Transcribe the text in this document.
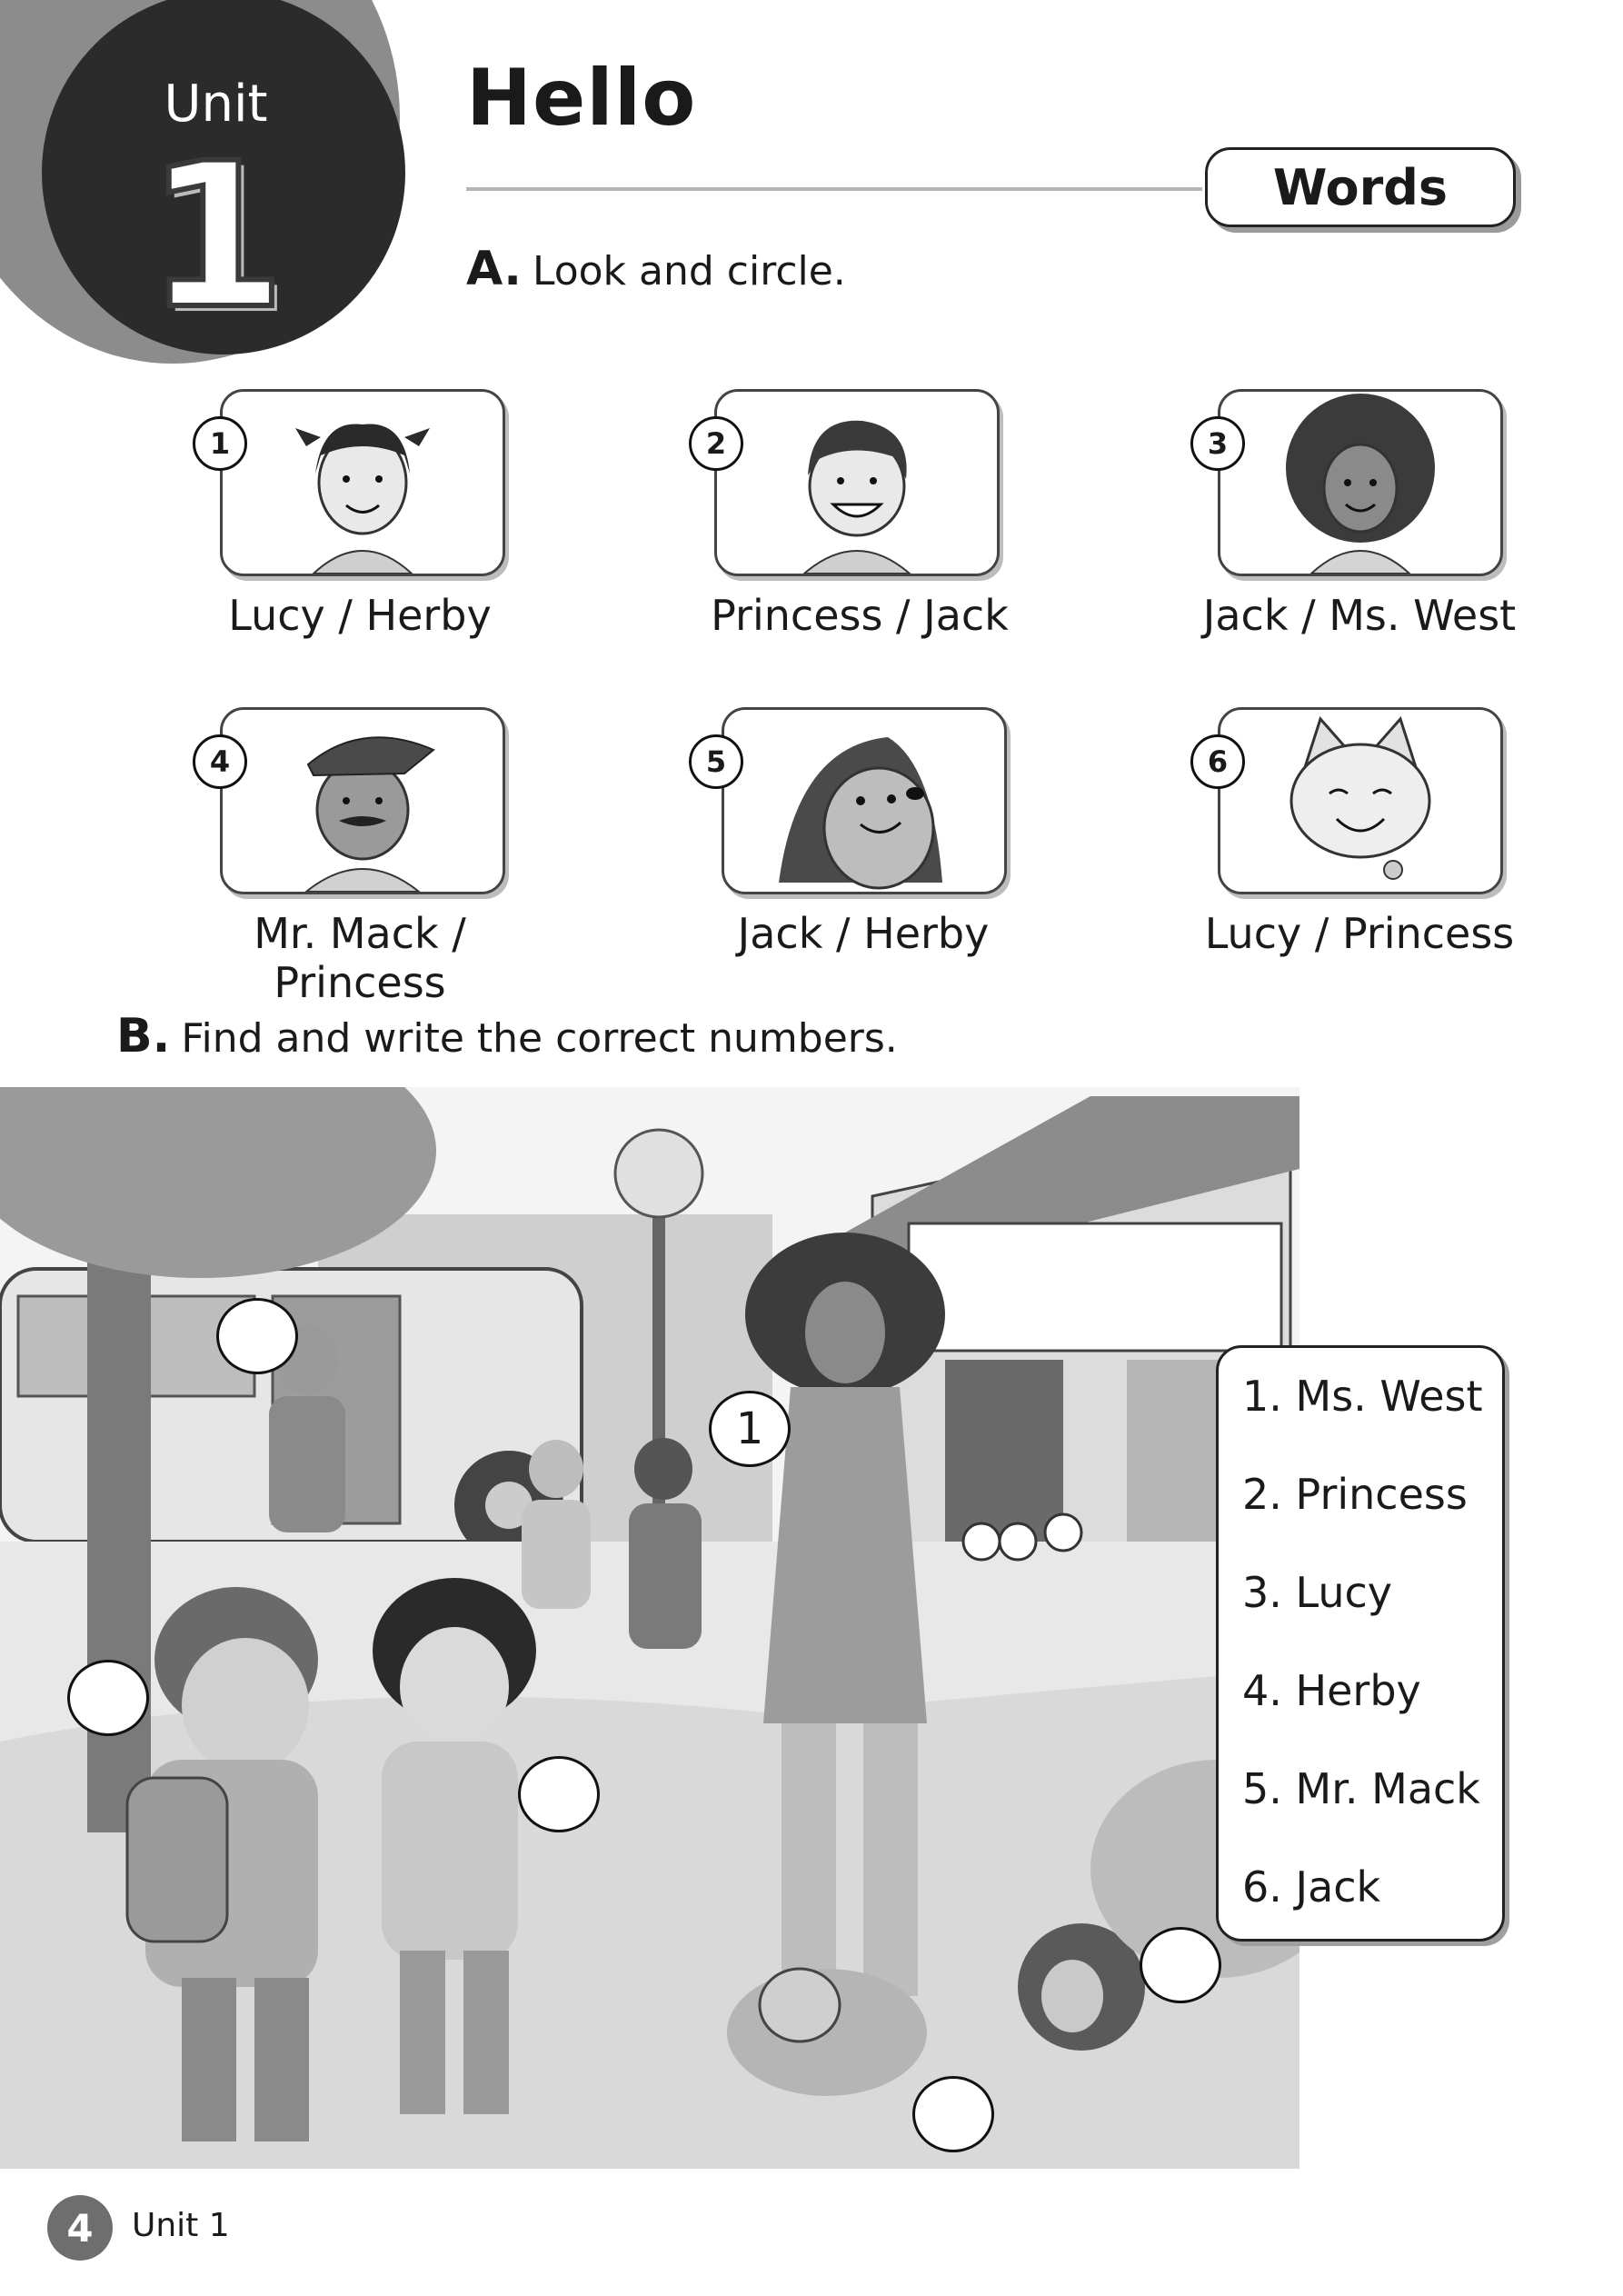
Unit
1
Hello
Words
A. Look and circle.
1
Lucy / Herby
2
Princess / Jack
3
Jack / Ms. West
4
Mr. Mack / Princess
5
Jack / Herby
6
Lucy / Princess
B. Find and write the correct numbers.
1
1. Ms. West
2. Princess
3. Lucy
4. Herby
5. Mr. Mack
6. Jack
4	Unit 1
